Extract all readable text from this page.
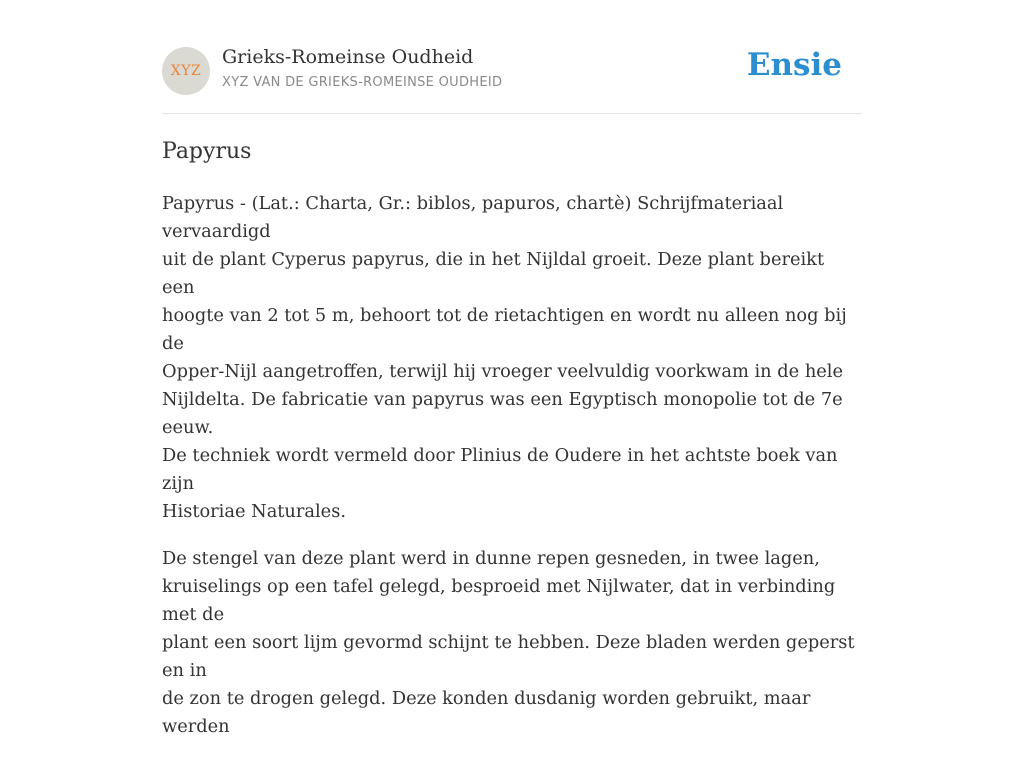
XYZ
Grieks-Romeinse Oudheid
XYZ VAN DE GRIEKS-ROMEINSE OUDHEID	Ensie
Papyrus

Papyrus - (Lat.: Charta, Gr.: biblos, papuros, chartè) Schrijfmateriaal vervaardigd
uit de plant Cyperus papyrus, die in het Nijldal groeit. Deze plant bereikt een
hoogte van 2 tot 5 m, behoort tot de rietachtigen en wordt nu alleen nog bij de
Opper-Nijl aangetroffen, terwijl hij vroeger veelvuldig voorkwam in de hele
Nijldelta. De fabricatie van papyrus was een Egyptisch monopolie tot de 7e eeuw.
De techniek wordt vermeld door Plinius de Oudere in het achtste boek van zijn
Historiae Naturales.

De stengel van deze plant werd in dunne repen gesneden, in twee lagen,
kruiselings op een tafel gelegd, besproeid met Nijlwater, dat in verbinding met de
plant een soort lijm gevormd schijnt te hebben. Deze bladen werden geperst en in
de zon te drogen gelegd. Deze konden dusdanig worden gebruikt, maar werden
